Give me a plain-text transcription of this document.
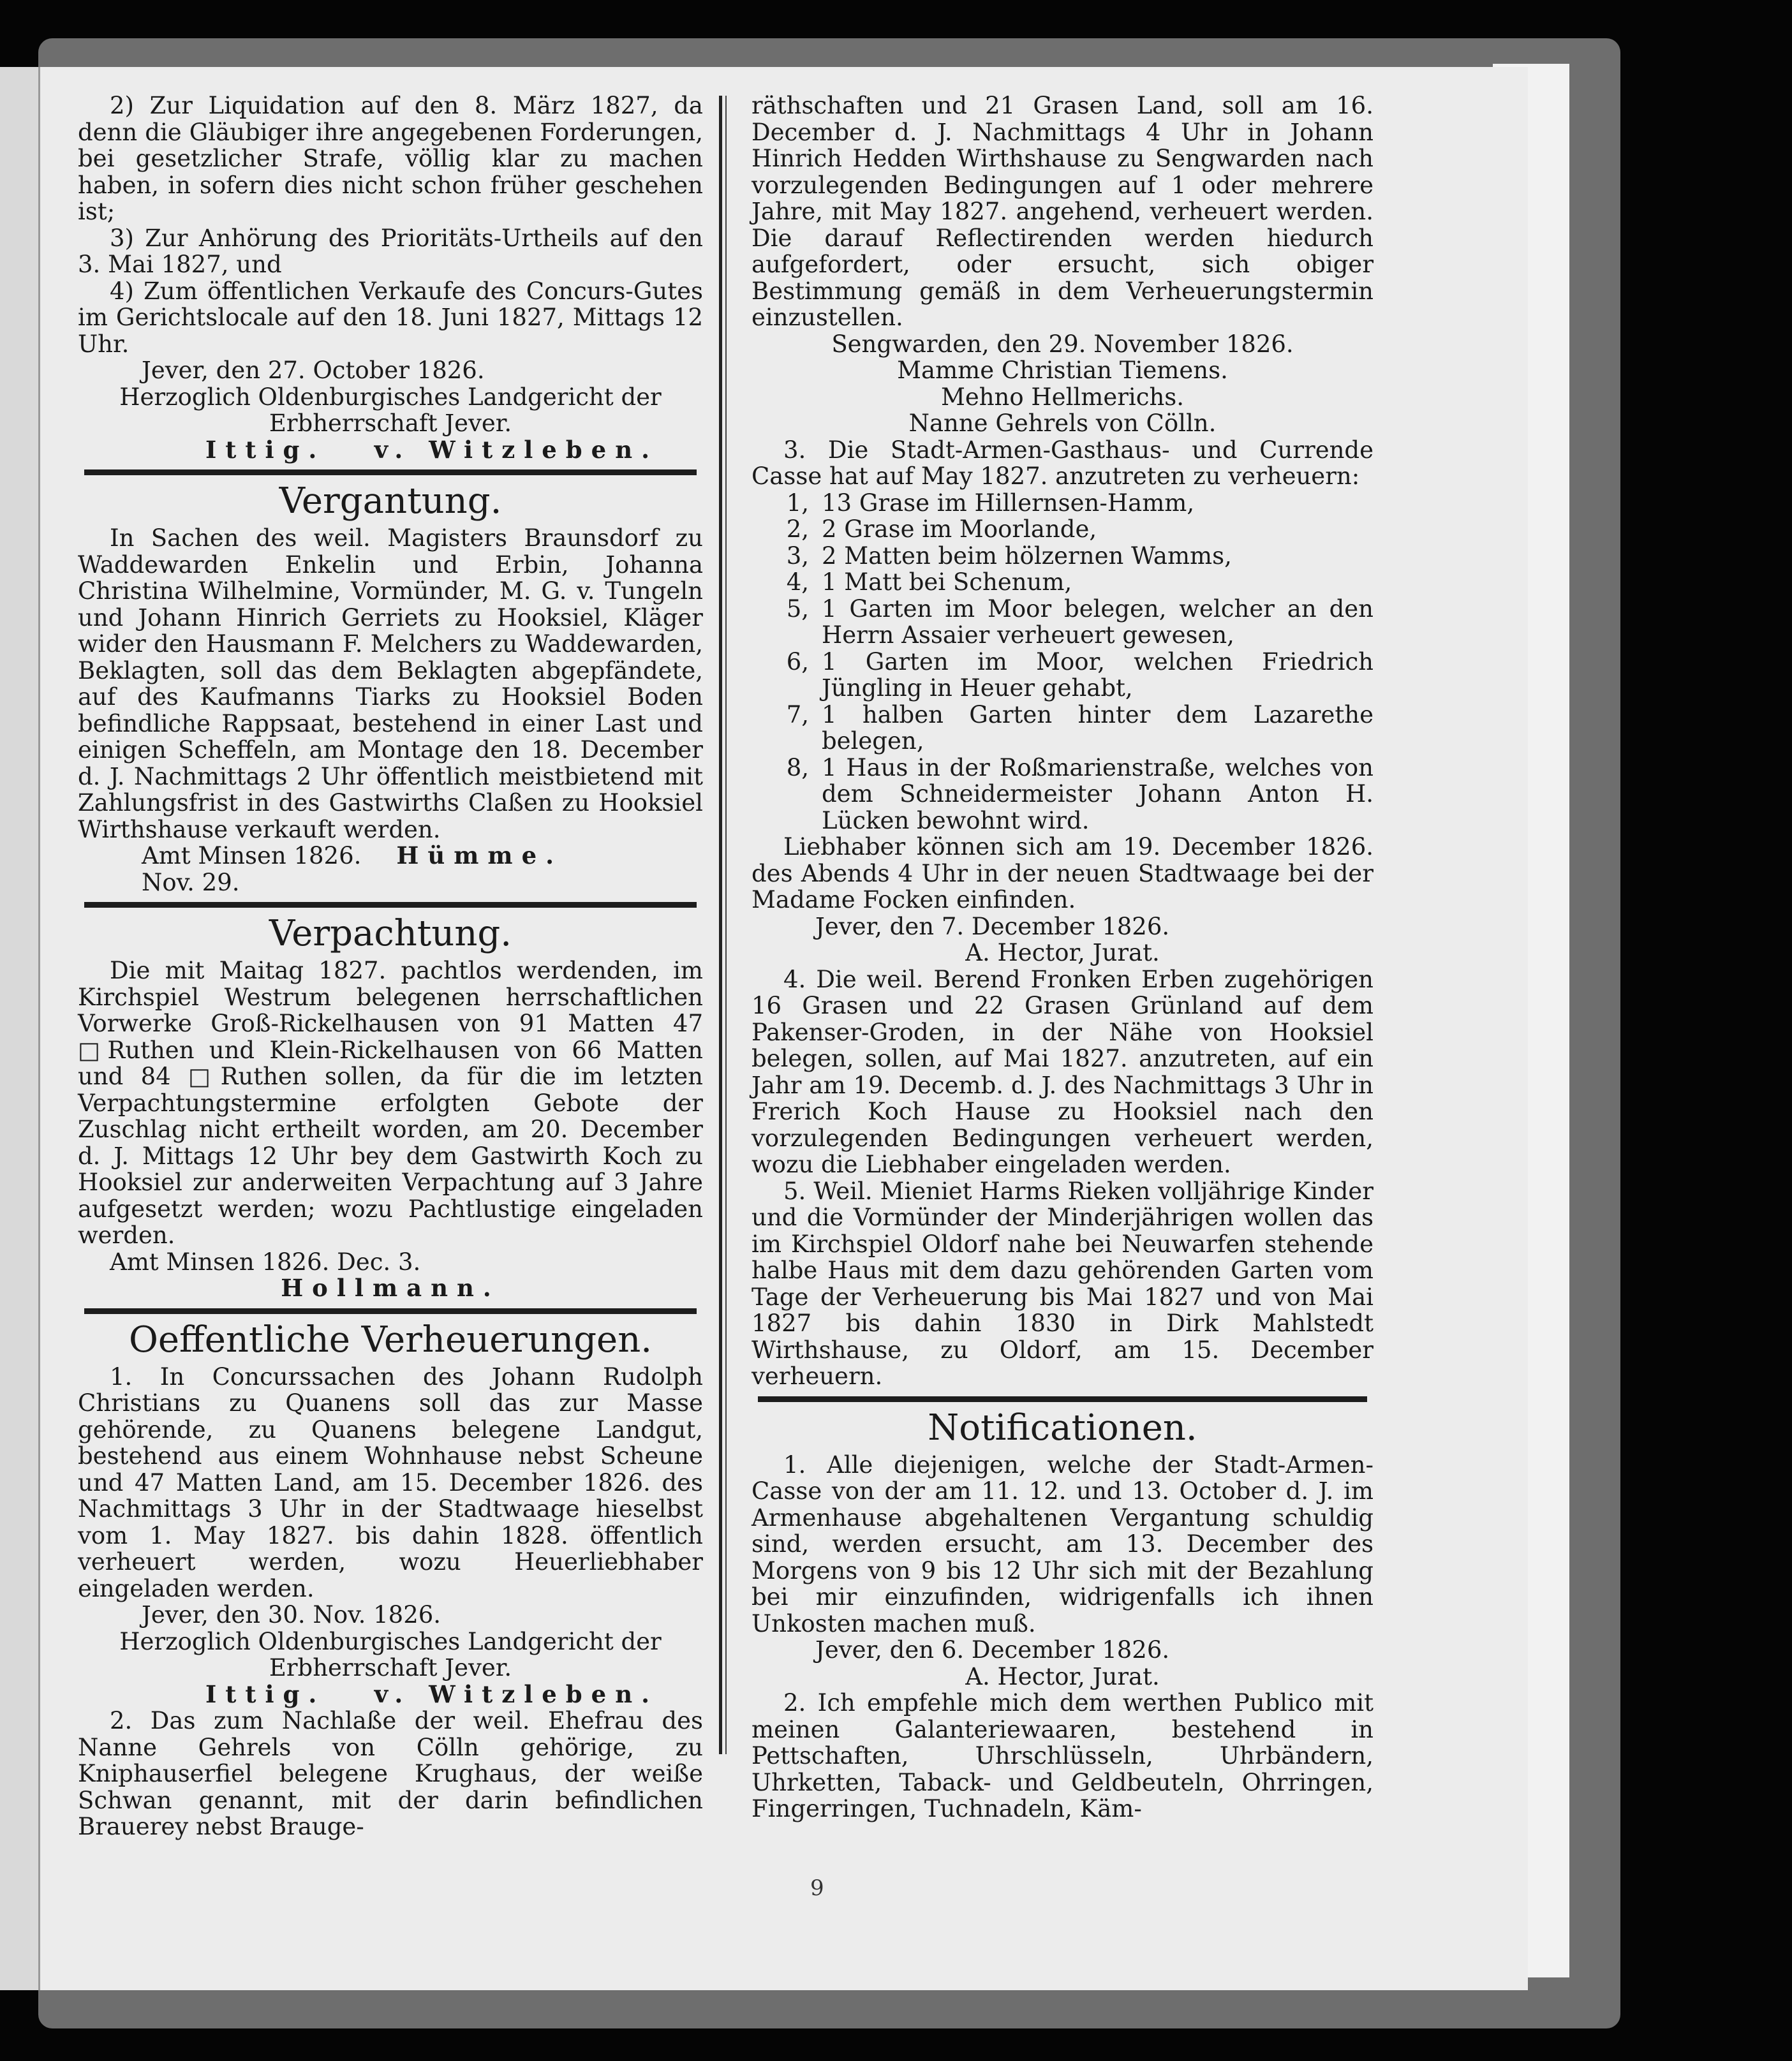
2) Zur Liquidation auf den 8. März 1827, da denn die Gläubiger ihre angegebenen Forderungen, bei gesetzlicher Strafe, völlig klar zu machen haben, in sofern dies nicht schon früher geschehen ist;

3) Zur Anhörung des Prioritäts-Urtheils auf den 3. Mai 1827, und

4) Zum öffentlichen Verkaufe des Concurs-Gutes im Gerichtslocale auf den 18. Juni 1827, Mittags 12 Uhr.

Jever, den 27. October 1826.

Herzoglich Oldenburgisches Landgericht der Erbherrschaft Jever.

Ittig. v. Witzleben.
Vergantung.

In Sachen des weil. Magisters Braunsdorf zu Waddewarden Enkelin und Erbin, Johanna Christina Wilhelmine, Vormünder, M. G. v. Tungeln und Johann Hinrich Gerriets zu Hooksiel, Kläger wider den Hausmann F. Melchers zu Waddewarden, Beklagten, soll das dem Beklagten abgepfändete, auf des Kaufmanns Tiarks zu Hooksiel Boden befindliche Rappsaat, bestehend in einer Last und einigen Scheffeln, am Montage den 18. December d. J. Nachmittags 2 Uhr öffentlich meistbietend mit Zahlungsfrist in des Gastwirths Claßen zu Hooksiel Wirthshause verkauft werden.

Amt Minsen 1826. Nov. 29.
Hümme.
Verpachtung.

Die mit Maitag 1827. pachtlos werdenden, im Kirchspiel Westrum belegenen herrschaftlichen Vorwerke Groß-Rickelhausen von 91 Matten 47 □Ruthen und Klein-Rickelhausen von 66 Matten und 84 □Ruthen sollen, da für die im letzten Verpachtungstermine erfolgten Gebote der Zuschlag nicht ertheilt worden, am 20. December d. J. Mittags 12 Uhr bey dem Gastwirth Koch zu Hooksiel zur anderweiten Verpachtung auf 3 Jahre aufgesetzt werden; wozu Pachtlustige eingeladen werden.

Amt Minsen 1826. Dec. 3.

Hollmann.

Oeffentliche Verheuerungen.

1. In Concurssachen des Johann Rudolph Christians zu Quanens soll das zur Masse gehörende, zu Quanens belegene Landgut, bestehend aus einem Wohnhause nebst Scheune und 47 Matten Land, am 15. December 1826. des Nachmittags 3 Uhr in der Stadtwaage hieselbst vom 1. May 1827. bis dahin 1828. öffentlich verheuert werden, wozu Heuerliebhaber eingeladen werden.

Jever, den 30. Nov. 1826.

Herzoglich Oldenburgisches Landgericht der Erbherrschaft Jever.

Ittig. v. Witzleben.

2. Das zum Nachlaße der weil. Ehefrau des Nanne Gehrels von Cölln gehörige, zu Kniphauserfiel belegene Krughaus, der weiße Schwan genannt, mit der darin befindlichen Brauerey nebst Brauge-

räthschaften und 21 Grasen Land, soll am 16. December d. J. Nachmittags 4 Uhr in Johann Hinrich Hedden Wirthshause zu Sengwarden nach vorzulegenden Bedingungen auf 1 oder mehrere Jahre, mit May 1827. angehend, verheuert werden. Die darauf Reflectirenden werden hiedurch aufgefordert, oder ersucht, sich obiger Bestimmung gemäß in dem Verheuerungstermin einzustellen.

Sengwarden, den 29. November 1826.

Mamme Christian Tiemens.

Mehno Hellmerichs.

Nanne Gehrels von Cölln.

3. Die Stadt-Armen-Gasthaus- und Currende Casse hat auf May 1827. anzutreten zu verheuern:

1, 13 Grase im Hillernsen-Hamm,
2, 2 Grase im Moorlande,
3, 2 Matten beim hölzernen Wamms,
4, 1 Matt bei Schenum,
5, 1 Garten im Moor belegen, welcher an den Herrn Assaier verheuert gewesen,
6, 1 Garten im Moor, welchen Friedrich Jüngling in Heuer gehabt,
7, 1 halben Garten hinter dem Lazarethe belegen,
8, 1 Haus in der Roßmarienstraße, welches von dem Schneidermeister Johann Anton H. Lücken bewohnt wird.

Liebhaber können sich am 19. December 1826. des Abends 4 Uhr in der neuen Stadtwaage bei der Madame Focken einfinden.

Jever, den 7. December 1826.

A. Hector, Jurat.

4. Die weil. Berend Fronken Erben zugehörigen 16 Grasen und 22 Grasen Grünland auf dem Pakenser-Groden, in der Nähe von Hooksiel belegen, sollen, auf Mai 1827. anzutreten, auf ein Jahr am 19. Decemb. d. J. des Nachmittags 3 Uhr in Frerich Koch Hause zu Hooksiel nach den vorzulegenden Bedingungen verheuert werden, wozu die Liebhaber eingeladen werden.

5. Weil. Mieniet Harms Rieken volljährige Kinder und die Vormünder der Minderjährigen wollen das im Kirchspiel Oldorf nahe bei Neuwarfen stehende halbe Haus mit dem dazu gehörenden Garten vom Tage der Verheuerung bis Mai 1827 und von Mai 1827 bis dahin 1830 in Dirk Mahlstedt Wirthshause, zu Oldorf, am 15. December verheuern.

Notificationen.

1. Alle diejenigen, welche der Stadt-Armen-Casse von der am 11. 12. und 13. October d. J. im Armenhause abgehaltenen Vergantung schuldig sind, werden ersucht, am 13. December des Morgens von 9 bis 12 Uhr sich mit der Bezahlung bei mir einzufinden, widrigenfalls ich ihnen Unkosten machen muß.

Jever, den 6. December 1826.

A. Hector, Jurat.

2. Ich empfehle mich dem werthen Publico mit meinen Galanteriewaaren, bestehend in Pettschaften, Uhrschlüsseln, Uhrbändern, Uhrketten, Taback- und Geldbeuteln, Ohrringen, Fingerringen, Tuchnadeln, Käm-

9
